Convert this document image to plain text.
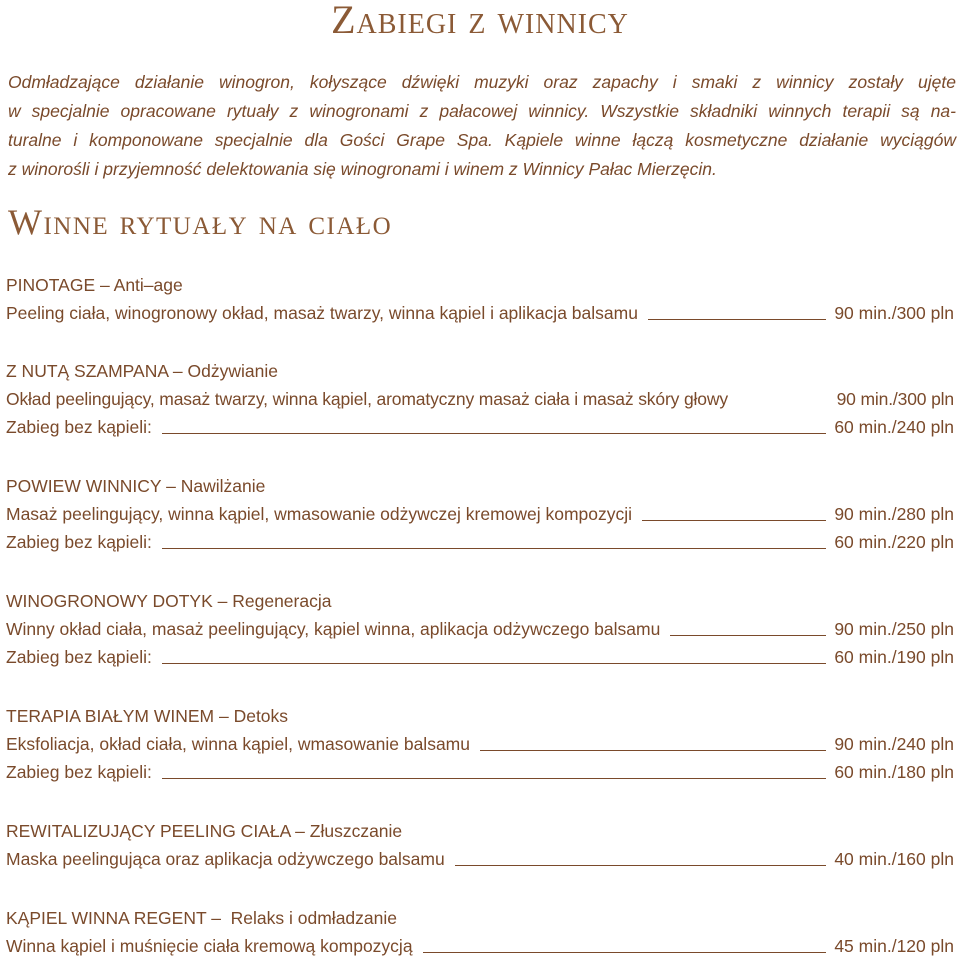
Zabiegi z winnicy
Odmładzające działanie winogron, kołyszące dźwięki muzyki oraz zapachy i smaki z winnicy zostały ujęte
w specjalnie opracowane rytuały z winogronami z pałacowej winnicy. Wszystkie składniki winnych terapii są na-
turalne i komponowane specjalnie dla Gości Grape Spa. Kąpiele winne łączą kosmetyczne działanie wyciągów
z winorośli i przyjemność delektowania się winogronami i winem z Winnicy Pałac Mierzęcin.
Winne rytuały na ciało
PINOTAGE – Anti–age
Peeling ciała, winogronowy okład, masaż twarzy, winna kąpiel i aplikacja balsamu	90 min./300 pln
Z NUTĄ SZAMPANA – Odżywianie
Okład peelingujący, masaż twarzy, winna kąpiel, aromatyczny masaż ciała i masaż skóry głowy	90 min./300 pln
Zabieg bez kąpieli:	60 min./240 pln
POWIEW WINNICY – Nawilżanie
Masaż peelingujący, winna kąpiel, wmasowanie odżywczej kremowej kompozycji	90 min./280 pln
Zabieg bez kąpieli:	60 min./220 pln
WINOGRONOWY DOTYK – Regeneracja
Winny okład ciała, masaż peelingujący, kąpiel winna, aplikacja odżywczego balsamu	90 min./250 pln
Zabieg bez kąpieli:	60 min./190 pln
TERAPIA BIAŁYM WINEM – Detoks
Eksfoliacja, okład ciała, winna kąpiel, wmasowanie balsamu	90 min./240 pln
Zabieg bez kąpieli:	60 min./180 pln
REWITALIZUJĄCY PEELING CIAŁA – Złuszczanie
Maska peelingująca oraz aplikacja odżywczego balsamu	40 min./160 pln
KĄPIEL WINNA REGENT –  Relaks i odmładzanie
Winna kąpiel i muśnięcie ciała kremową kompozycją	45 min./120 pln
